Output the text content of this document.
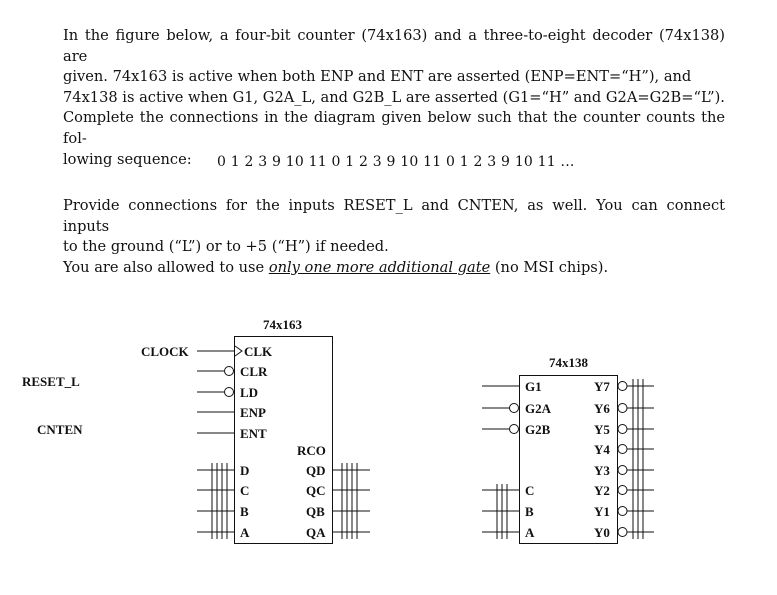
In the figure below, a four-bit counter (74x163) and a three-to-eight decoder (74x138) are
given. 74x163 is active when both ENP and ENT are asserted (ENP=ENT=“H”), and
74x138 is active when G1, G2A_L, and G2B_L are asserted (G1=“H” and G2A=G2B=“L”).
Complete the connections in the diagram given below such that the counter counts the fol-
lowing sequence:	0 1 2 3 9 10 11 0 1 2 3 9 10 11 0 1 2 3 9 10 11 ...
Provide connections for the inputs RESET_L and CNTEN, as well. You can connect inputs
to the ground (“L”) or to +5 (“H”) if needed.
You are also allowed to use only one more additional gate (no MSI chips).
CLOCK
RESET_L
CNTEN
74x163
CLK
CLR
LD
ENP
ENT
D
C
B
A
RCO
QD
QC
QB
QA
74x138
G1
G2A
G2B
C
B
A
Y7
Y6
Y5
Y4
Y3
Y2
Y1
Y0
